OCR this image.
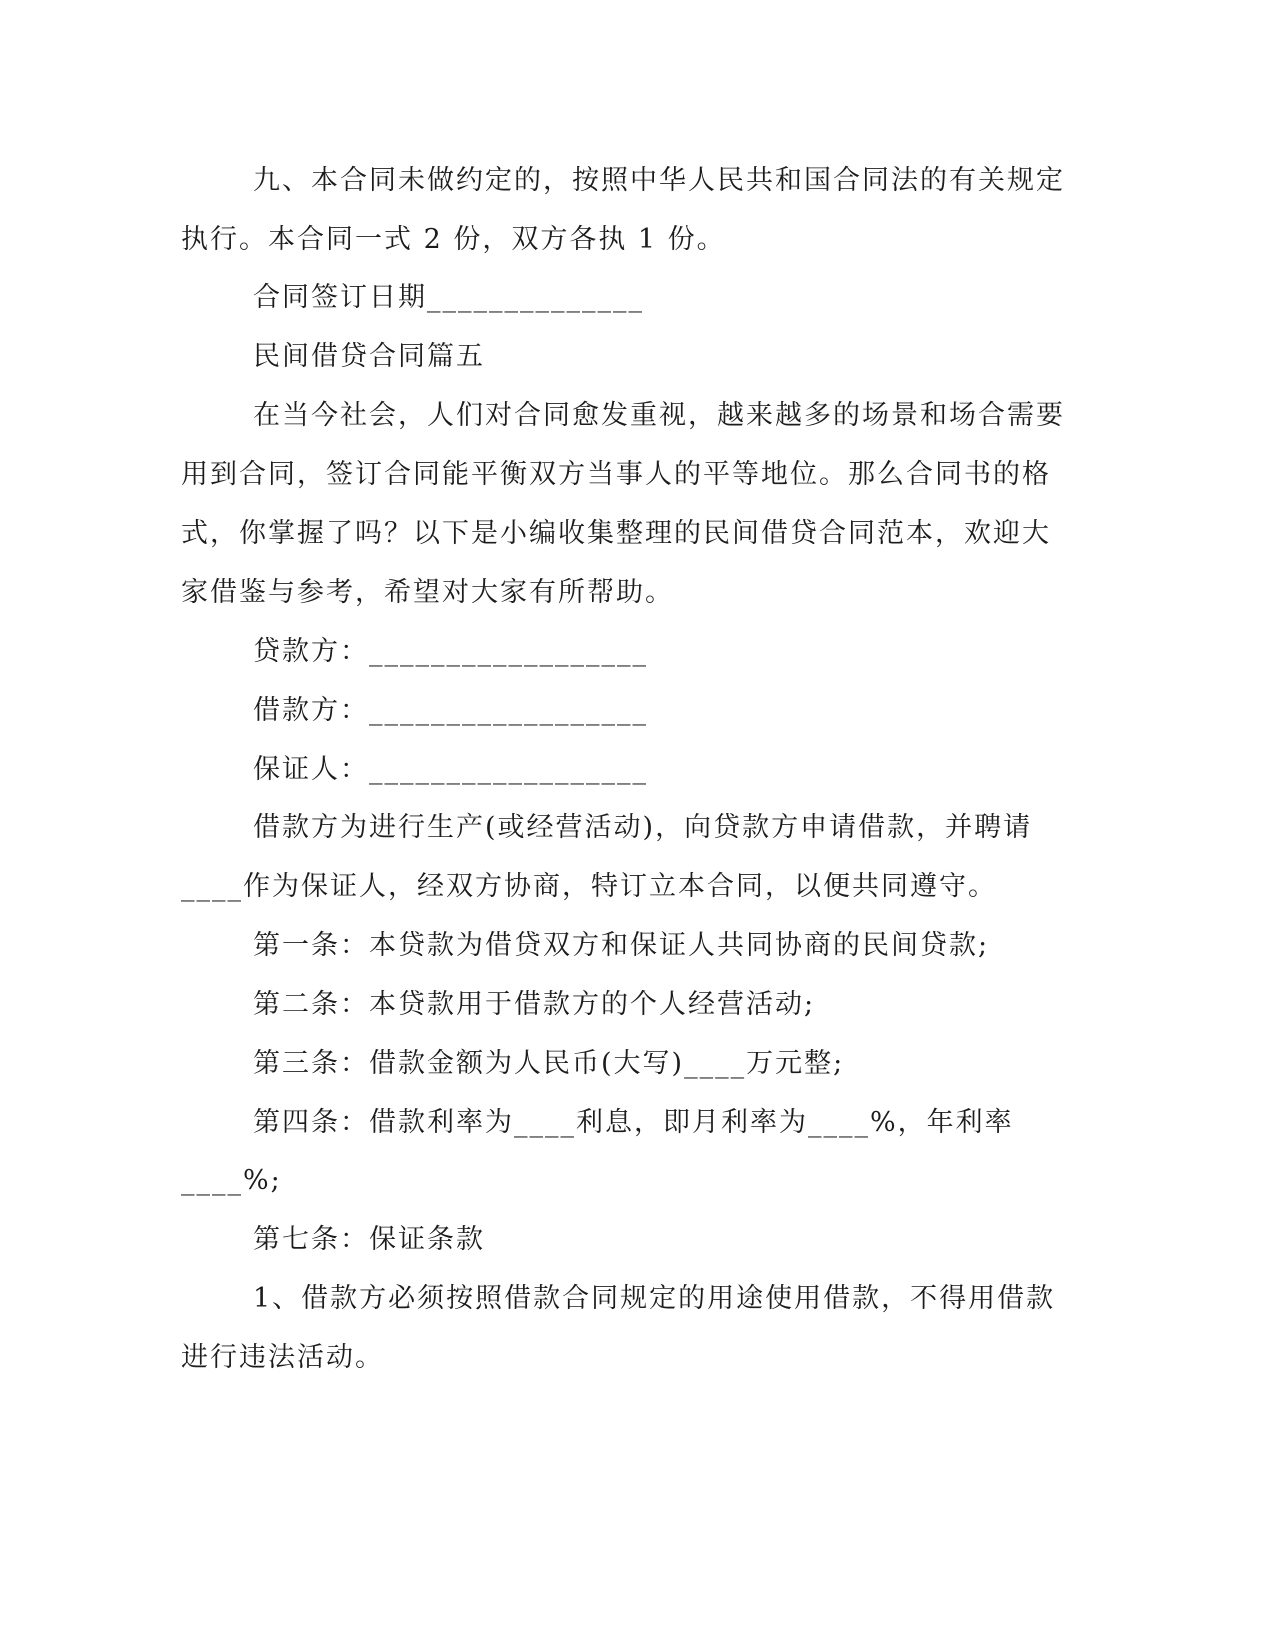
九、本合同未做约定的，按照中华人民共和国合同法的有关规定
执行。本合同一式 2 份，双方各执 1 份。
合同签订日期______________
民间借贷合同篇五
在当今社会，人们对合同愈发重视，越来越多的场景和场合需要
用到合同，签订合同能平衡双方当事人的平等地位。那么合同书的格
式，你掌握了吗？以下是小编收集整理的民间借贷合同范本，欢迎大
家借鉴与参考，希望对大家有所帮助。
贷款方：__________________
借款方：__________________
保证人：__________________
借款方为进行生产(或经营活动)，向贷款方申请借款，并聘请
____作为保证人，经双方协商，特订立本合同，以便共同遵守。
第一条：本贷款为借贷双方和保证人共同协商的民间贷款;
第二条：本贷款用于借款方的个人经营活动;
第三条：借款金额为人民币(大写)____万元整;
第四条：借款利率为____利息，即月利率为____%，年利率
____%;
第七条：保证条款
1、借款方必须按照借款合同规定的用途使用借款，不得用借款
进行违法活动。
